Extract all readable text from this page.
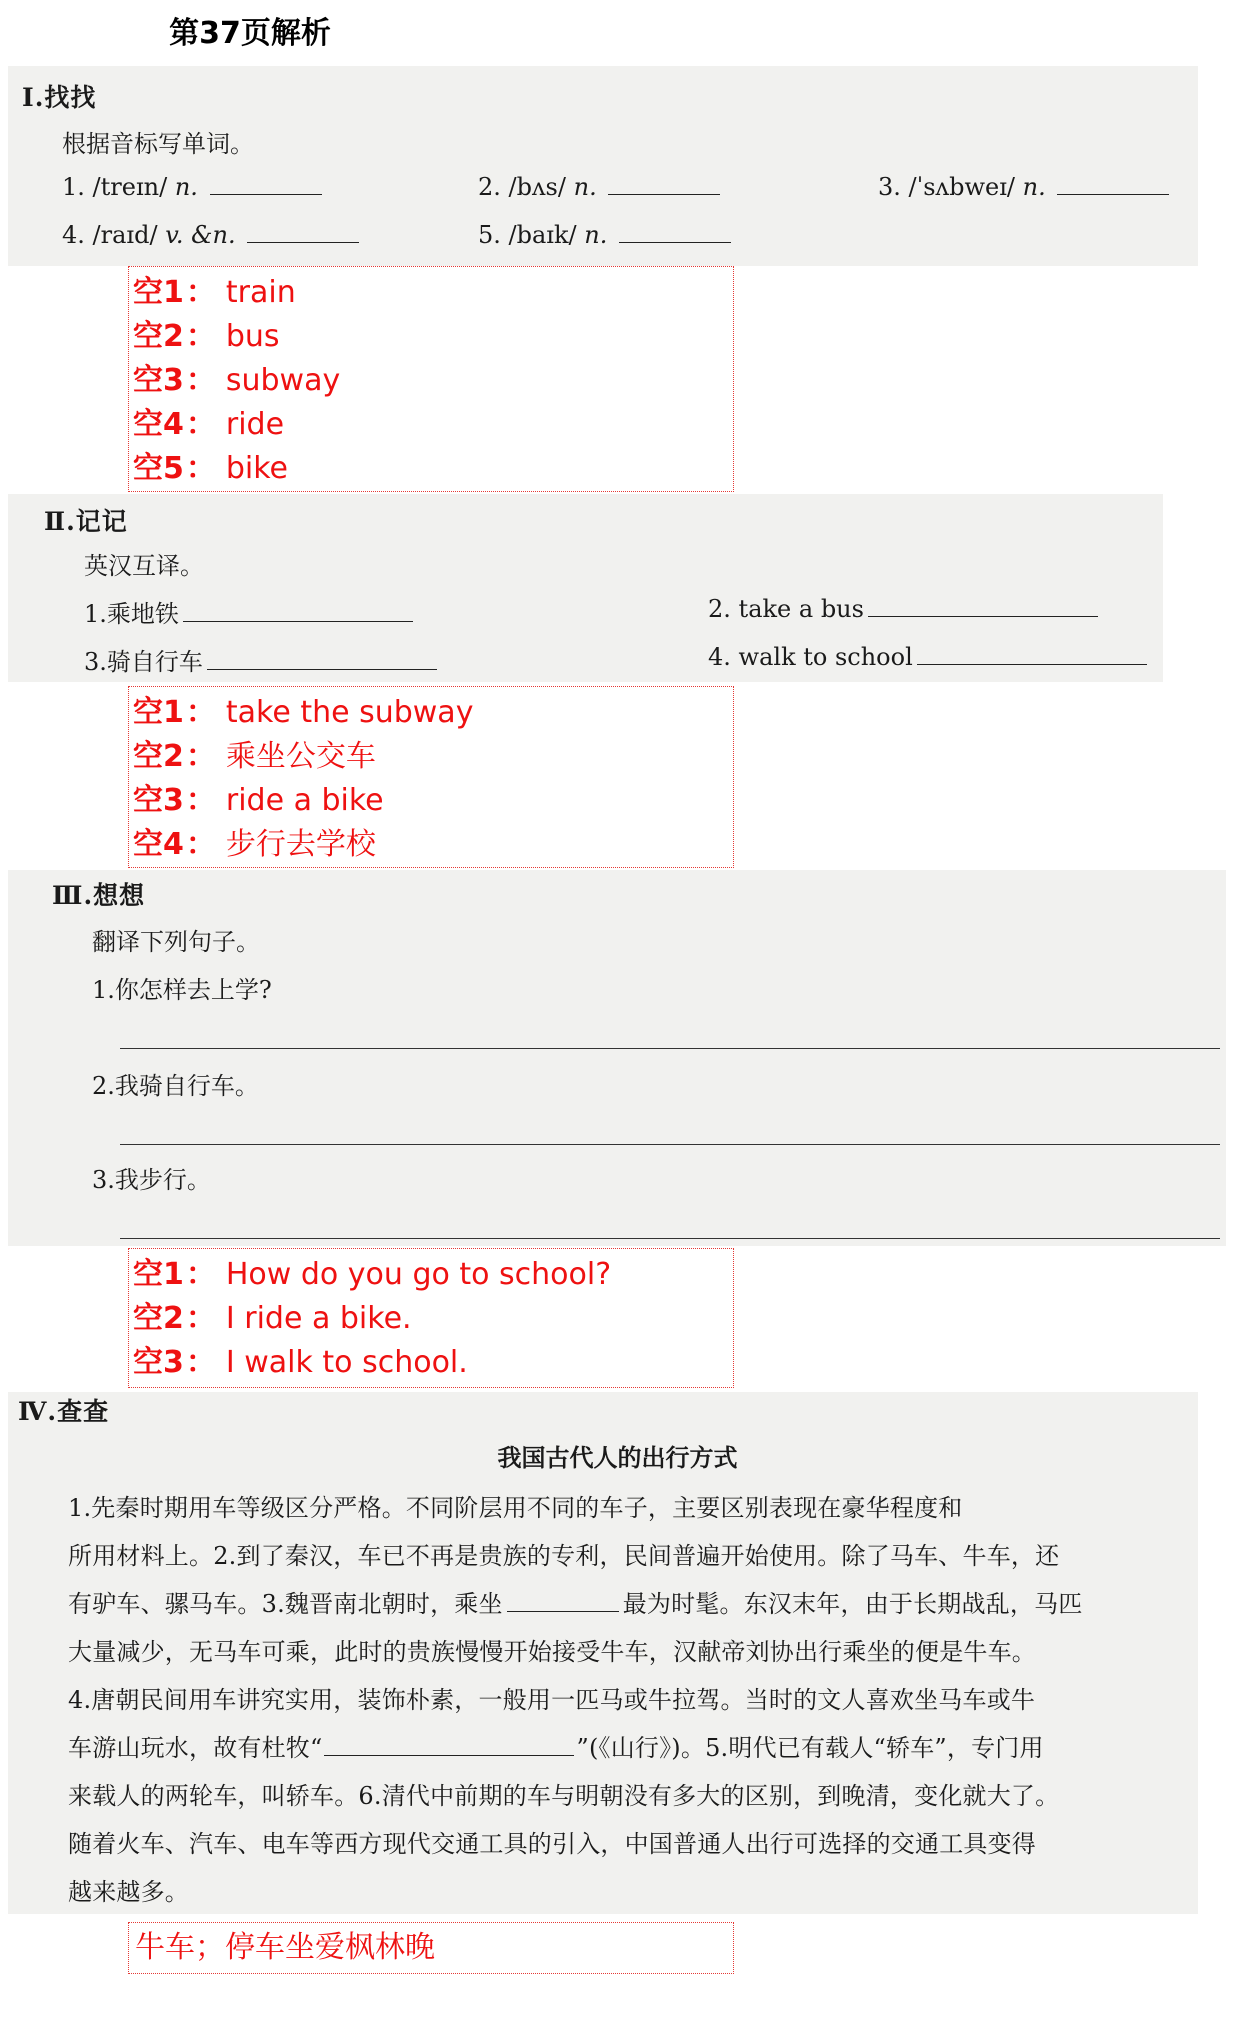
第37页解析
Ⅰ.找找
根据音标写单词。
1. /treɪn/ n.	2. /bʌs/ n.	3. /ˈsʌbweɪ/ n.
4. /raɪd/ v. &n.	5. /baɪk/ n.
空1： train
空2： bus
空3： subway
空4： ride
空5： bike
Ⅱ.记记
英汉互译。
1.乘地铁	2. take a bus
3.骑自行车	4. walk to school
空1： take the subway
空2： 乘坐公交车
空3： ride a bike
空4： 步行去学校
Ⅲ.想想
翻译下列句子。
1.你怎样去上学?
2.我骑自行车。
3.我步行。
空1： How do you go to school?
空2： I ride a bike.
空3： I walk to school.
Ⅳ.查查
我国古代人的出行方式
1.先秦时期用车等级区分严格。不同阶层用不同的车子，主要区别表现在豪华程度和
所用材料上。2.到了秦汉，车已不再是贵族的专利，民间普遍开始使用。除了马车、牛车，还
有驴车、骡马车。3.魏晋南北朝时，乘坐	最为时髦。东汉末年，由于长期战乱，马匹
大量减少，无马车可乘，此时的贵族慢慢开始接受牛车，汉献帝刘协出行乘坐的便是牛车。
4.唐朝民间用车讲究实用，装饰朴素，一般用一匹马或牛拉驾。当时的文人喜欢坐马车或牛
车游山玩水，故有杜牧“	”(《山行》)。5.明代已有载人“轿车”，专门用
来载人的两轮车，叫轿车。6.清代中前期的车与明朝没有多大的区别，到晚清，变化就大了。
随着火车、汽车、电车等西方现代交通工具的引入，中国普通人出行可选择的交通工具变得
越来越多。
牛车；停车坐爱枫林晚
